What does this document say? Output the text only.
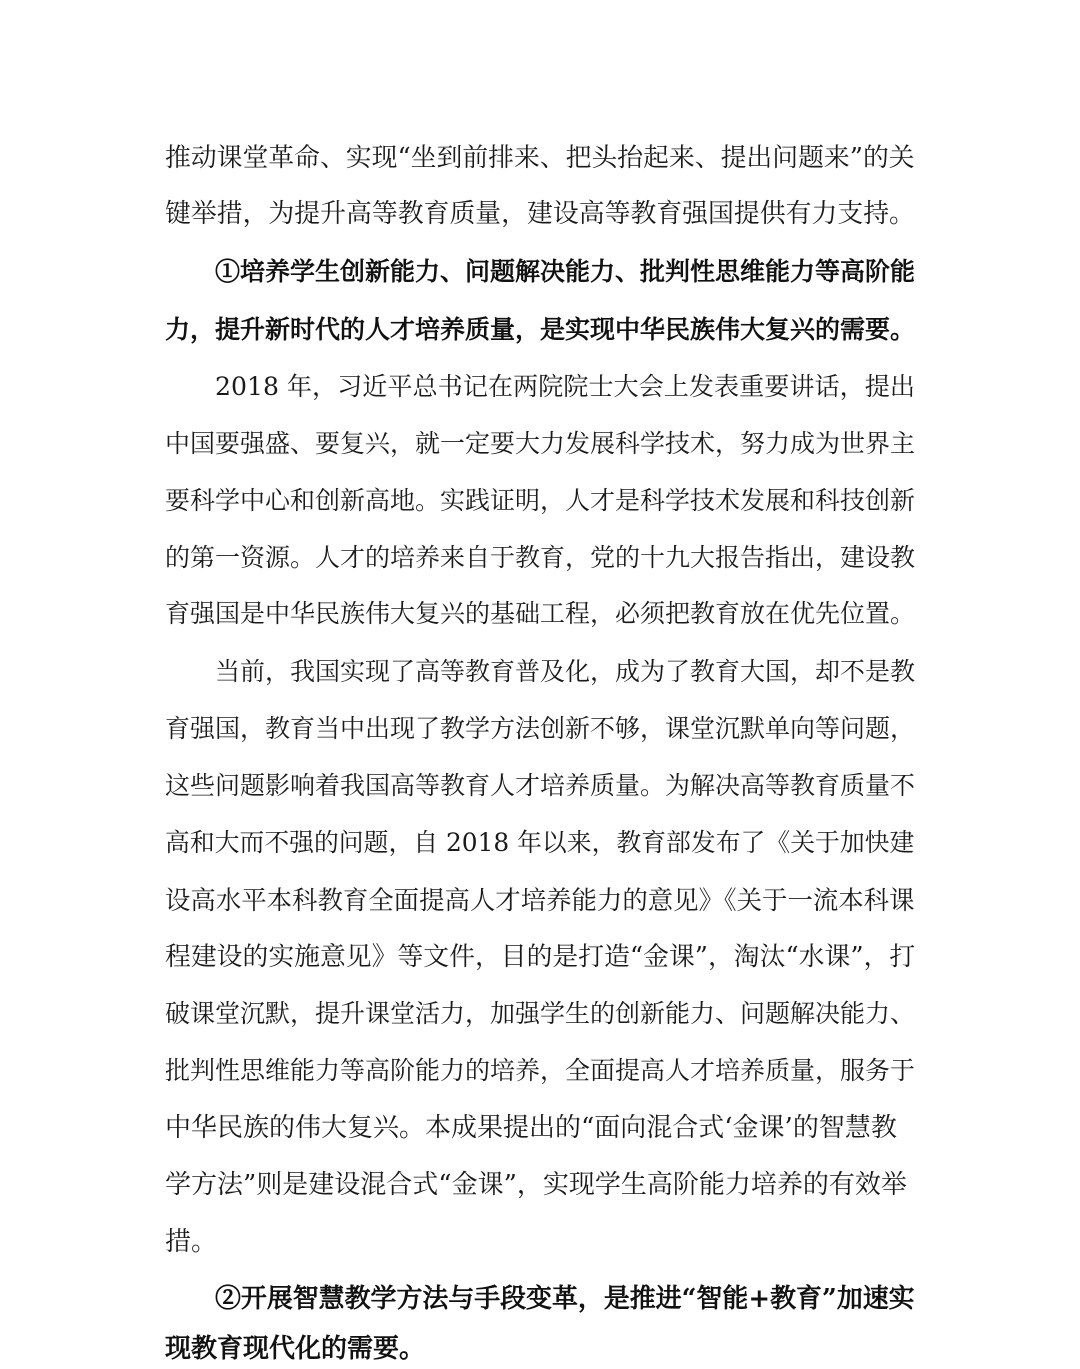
推动课堂革命、实现“坐到前排来、把头抬起来、提出问题来”的关
键举措，为提升高等教育质量，建设高等教育强国提供有力支持。
①培养学生创新能力、问题解决能力、批判性思维能力等高阶能
力，提升新时代的人才培养质量，是实现中华民族伟大复兴的需要。
2018 年，习近平总书记在两院院士大会上发表重要讲话，提出
中国要强盛、要复兴，就一定要大力发展科学技术，努力成为世界主
要科学中心和创新高地。实践证明，人才是科学技术发展和科技创新
的第一资源。人才的培养来自于教育，党的十九大报告指出，建设教
育强国是中华民族伟大复兴的基础工程，必须把教育放在优先位置。
当前，我国实现了高等教育普及化，成为了教育大国，却不是教
育强国，教育当中出现了教学方法创新不够，课堂沉默单向等问题，
这些问题影响着我国高等教育人才培养质量。为解决高等教育质量不
高和大而不强的问题，自 2018 年以来，教育部发布了《关于加快建
设高水平本科教育全面提高人才培养能力的意见》《关于一流本科课
程建设的实施意见》等文件，目的是打造“金课”，淘汰“水课”，打
破课堂沉默，提升课堂活力，加强学生的创新能力、问题解决能力、
批判性思维能力等高阶能力的培养，全面提高人才培养质量，服务于
中华民族的伟大复兴。本成果提出的“面向混合式‘金课’的智慧教
学方法”则是建设混合式“金课”，实现学生高阶能力培养的有效举
措。
②开展智慧教学方法与手段变革，是推进“智能+教育”加速实
现教育现代化的需要。
